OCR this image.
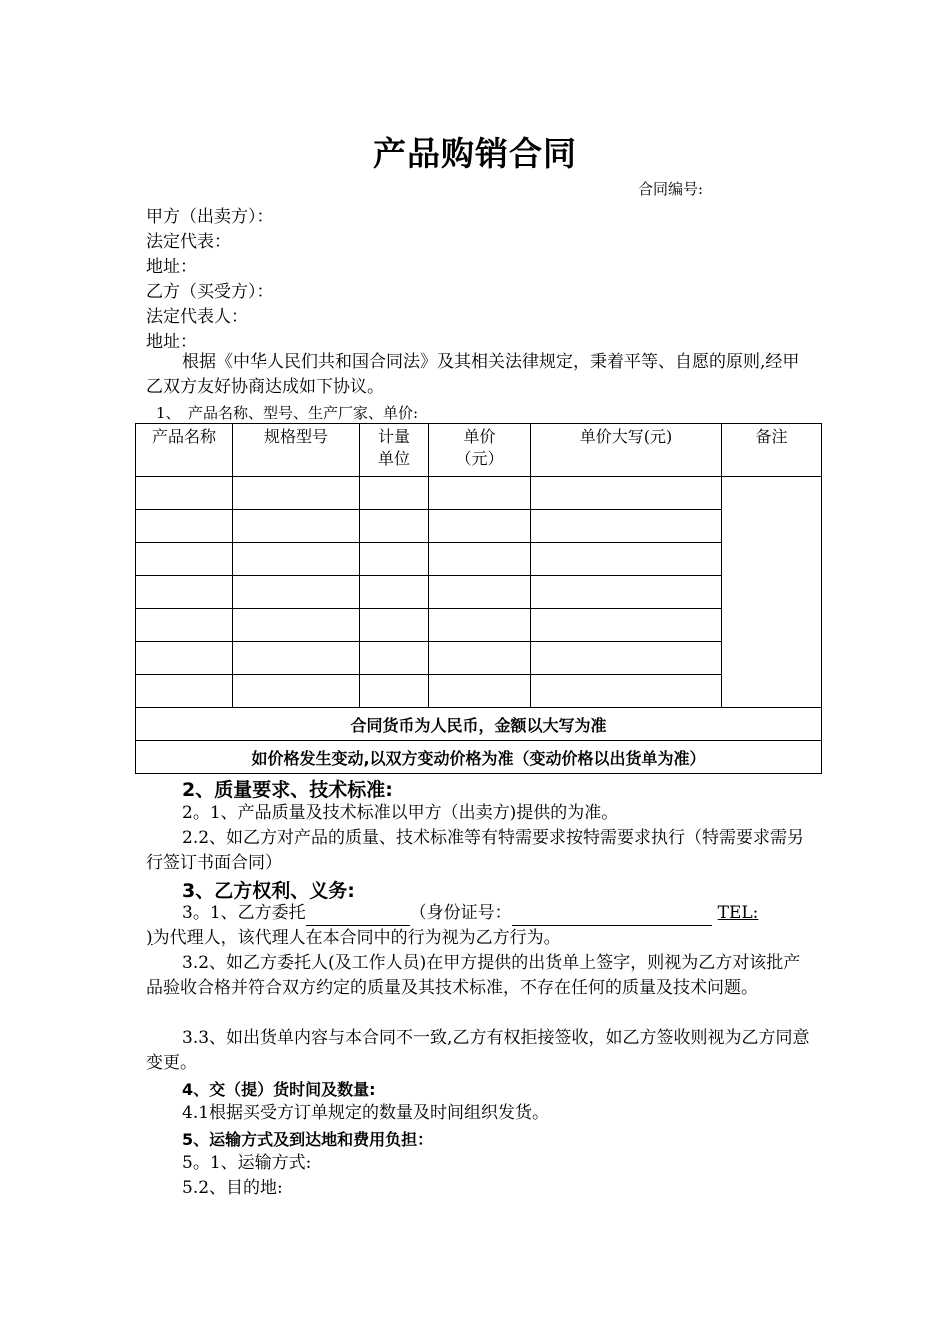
产品购销合同
合同编号:
甲方（出卖方）：
法定代表：
地址：
乙方（买受方）：
法定代表人：
地址：
根据《中华人民们共和国合同法》及其相关法律规定，秉着平等、自愿的原则,经甲乙双方友好协商达成如下协议。
1、　产品名称、型号、生产厂家、单价:
产品名称	规格型号	计量单位	单价（元）	单价大写(元)	备注

合同货币为人民币，金额以大写为准					
如价格发生变动,以双方变动价格为准（变动价格以出货单为准）					
2、质量要求、技术标准:
2。1、产品质量及技术标准以甲方（出卖方)提供的为准。
2.2、如乙方对产品的质量、技术标准等有特需要求按特需要求执行（特需要求需另行签订书面合同）
3、乙方权利、义务:
3。1、乙方委托	（身份证号：	TEL:
)为代理人，该代理人在本合同中的行为视为乙方行为。
3.2、如乙方委托人(及工作人员)在甲方提供的出货单上签字，则视为乙方对该批产品验收合格并符合双方约定的质量及其技术标准，不存在任何的质量及技术问题。
3.3、如出货单内容与本合同不一致,乙方有权拒接签收，如乙方签收则视为乙方同意变更。
4、交（提）货时间及数量:
4.1根据买受方订单规定的数量及时间组织发货。
5、运输方式及到达地和费用负担：
5。1、运输方式:
5.2、目的地:
